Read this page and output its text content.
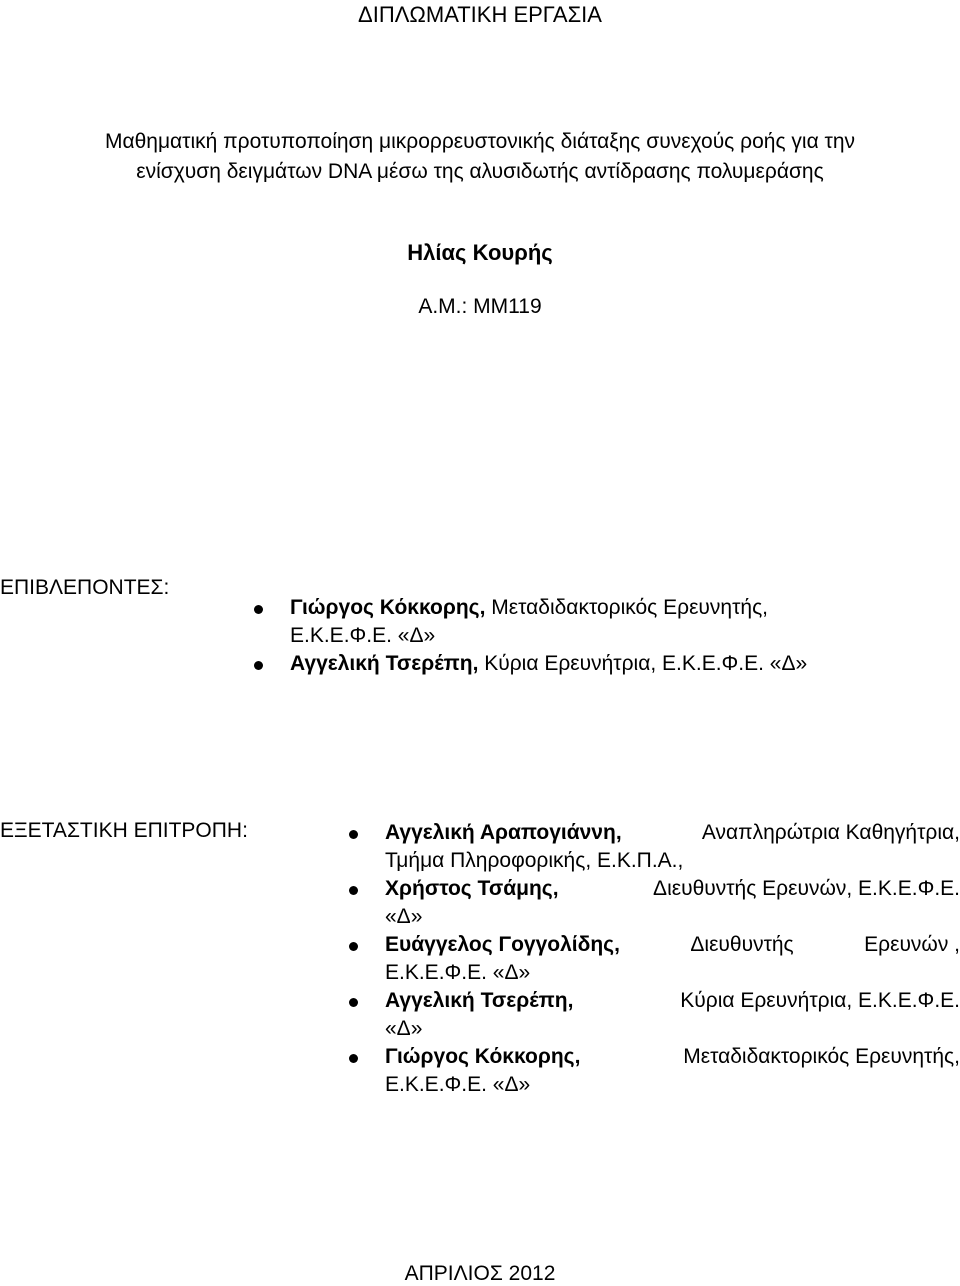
ΔΙΠΛΩΜΑΤΙΚΗ ΕΡΓΑΣΙΑ
Μαθηματική προτυποποίηση μικρορρευστονικής διάταξης συνεχούς ροής για την
ενίσχυση δειγμάτων DNA μέσω της αλυσιδωτής αντίδρασης πολυμεράσης
Ηλίας Κουρής
Α.Μ.: ΜΜ119
ΕΠΙΒΛΕΠΟΝΤΕΣ:
Γιώργος Κόκκορης, Μεταδιδακτορικός Ερευνητής,
Ε.Κ.Ε.Φ.Ε. «Δ»
Αγγελική Τσερέπη, Κύρια Ερευνήτρια, Ε.Κ.Ε.Φ.Ε. «Δ»
ΕΞΕΤΑΣΤΙΚΗ ΕΠΙΤΡΟΠΗ:	Αγγελική Αραπογιάννη,	Αναπληρώτρια Καθηγήτρια,
Τμήμα Πληροφορικής, Ε.Κ.Π.Α.,
Χρήστος Τσάμης,	Διευθυντής Ερευνών, Ε.Κ.Ε.Φ.Ε.
«Δ»
Ευάγγελος Γογγολίδης,	Διευθυντής	Ερευνών ,
Ε.Κ.Ε.Φ.Ε. «Δ»
Αγγελική Τσερέπη,	Κύρια Ερευνήτρια, Ε.Κ.Ε.Φ.Ε.
«Δ»
Γιώργος Κόκκορης,	Μεταδιδακτορικός Ερευνητής,
Ε.Κ.Ε.Φ.Ε. «Δ»
ΑΠΡΙΛΙΟΣ 2012
